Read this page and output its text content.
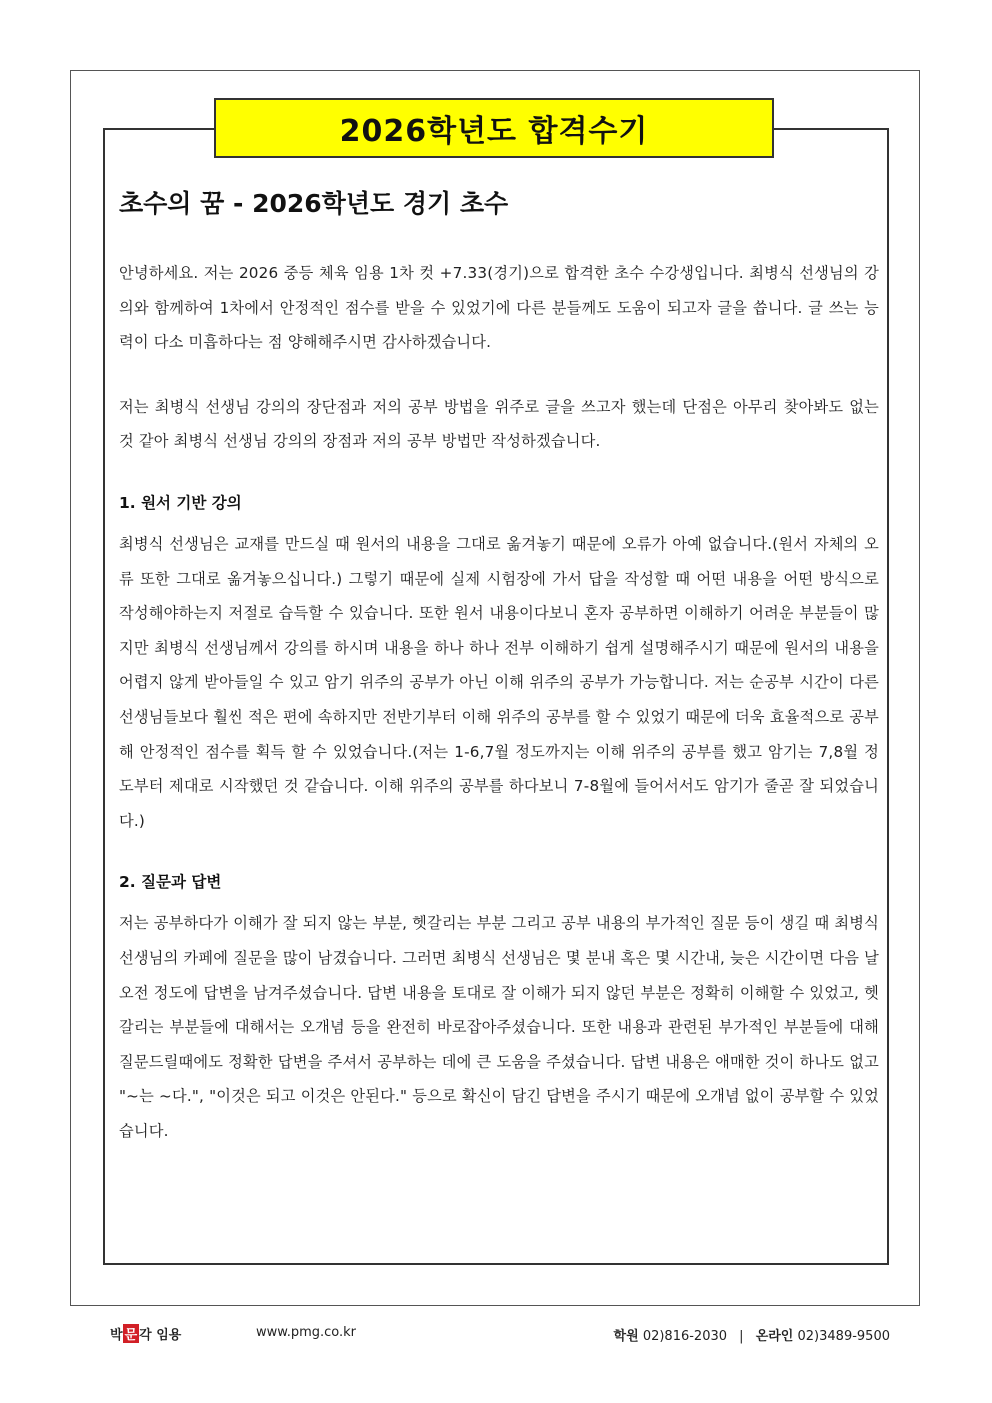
2026학년도 합격수기
초수의 꿈 - 2026학년도 경기 초수

안녕하세요. 저는 2026 중등 체육 임용 1차 컷 +7.33(경기)으로 합격한 초수 수강생입니다. 최병식 선생님의 강의와 함께하여 1차에서 안정적인 점수를 받을 수 있었기에 다른 분들께도 도움이 되고자 글을 씁니다. 글 쓰는 능력이 다소 미흡하다는 점 양해해주시면 감사하겠습니다.

저는 최병식 선생님 강의의 장단점과 저의 공부 방법을 위주로 글을 쓰고자 했는데 단점은 아무리 찾아봐도 없는 것 같아 최병식 선생님 강의의 장점과 저의 공부 방법만 작성하겠습니다.

1. 원서 기반 강의

최병식 선생님은 교재를 만드실 때 원서의 내용을 그대로 옮겨놓기 때문에 오류가 아예 없습니다.(원서 자체의 오류 또한 그대로 옮겨놓으십니다.) 그렇기 때문에 실제 시험장에 가서 답을 작성할 때 어떤 내용을 어떤 방식으로 작성해야하는지 저절로 습득할 수 있습니다. 또한 원서 내용이다보니 혼자 공부하면 이해하기 어려운 부분들이 많지만 최병식 선생님께서 강의를 하시며 내용을 하나 하나 전부 이해하기 쉽게 설명해주시기 때문에 원서의 내용을 어렵지 않게 받아들일 수 있고 암기 위주의 공부가 아닌 이해 위주의 공부가 가능합니다. 저는 순공부 시간이 다른 선생님들보다 훨씬 적은 편에 속하지만 전반기부터 이해 위주의 공부를 할 수 있었기 때문에 더욱 효율적으로 공부해 안정적인 점수를 획득 할 수 있었습니다.(저는 1-6,7월 정도까지는 이해 위주의 공부를 했고 암기는 7,8월 정도부터 제대로 시작했던 것 같습니다. 이해 위주의 공부를 하다보니 7-8월에 들어서서도 암기가 줄곧 잘 되었습니다.)

2. 질문과 답변

저는 공부하다가 이해가 잘 되지 않는 부분, 헷갈리는 부분 그리고 공부 내용의 부가적인 질문 등이 생길 때 최병식 선생님의 카페에 질문을 많이 남겼습니다. 그러면 최병식 선생님은 몇 분내 혹은 몇 시간내, 늦은 시간이면 다음 날 오전 정도에 답변을 남겨주셨습니다. 답변 내용을 토대로 잘 이해가 되지 않던 부분은 정확히 이해할 수 있었고, 헷갈리는 부분들에 대해서는 오개념 등을 완전히 바로잡아주셨습니다. 또한 내용과 관련된 부가적인 부분들에 대해 질문드릴때에도 정확한 답변을 주셔서 공부하는 데에 큰 도움을 주셨습니다. 답변 내용은 애매한 것이 하나도 없고 "~는 ~다.", "이것은 되고 이것은 안된다." 등으로 확신이 담긴 답변을 주시기 때문에 오개념 없이 공부할 수 있었습니다.

박 문 각 임용	www.pmg.co.kr	학원 02)816-2030 | 온라인 02)3489-9500
